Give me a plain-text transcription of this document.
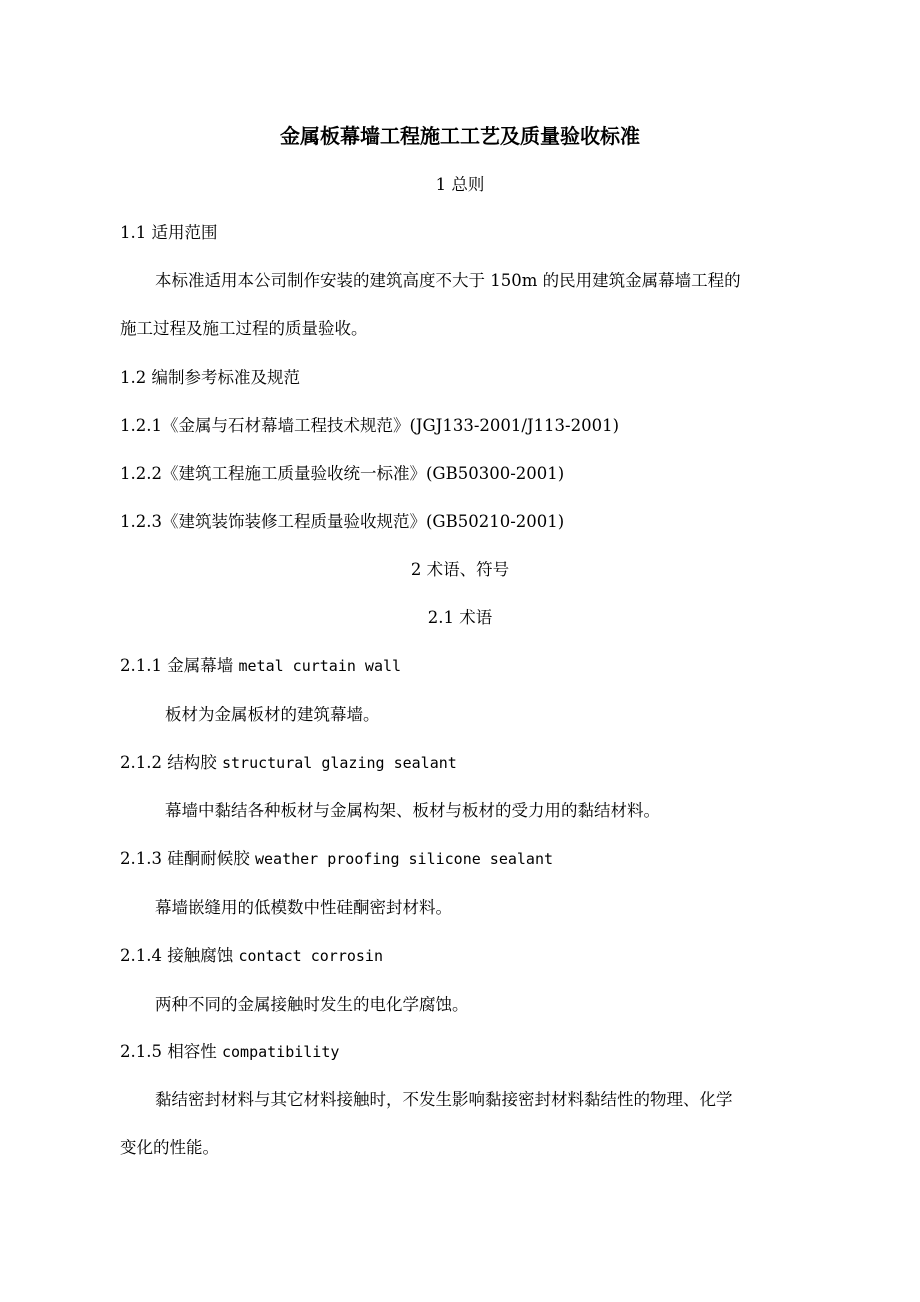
金属板幕墙工程施工工艺及质量验收标准
1 总则
1.1 适用范围
本标准适用本公司制作安装的建筑高度不大于 150m 的民用建筑金属幕墙工程的
施工过程及施工过程的质量验收。
1.2 编制参考标准及规范
1.2.1《金属与石材幕墙工程技术规范》(JGJ133-2001/J113-2001)
1.2.2《建筑工程施工质量验收统一标准》(GB50300-2001)
1.2.3《建筑装饰装修工程质量验收规范》(GB50210-2001)
2 术语、符号
2.1 术语
2.1.1 金属幕墙 metal curtain wall
板材为金属板材的建筑幕墙。
2.1.2 结构胶 structural glazing sealant
幕墙中黏结各种板材与金属构架、板材与板材的受力用的黏结材料。
2.1.3 硅酮耐候胶 weather proofing silicone sealant
幕墙嵌缝用的低模数中性硅酮密封材料。
2.1.4 接触腐蚀 contact corrosin
两种不同的金属接触时发生的电化学腐蚀。
2.1.5 相容性 compatibility
黏结密封材料与其它材料接触时，不发生影响黏接密封材料黏结性的物理、化学
变化的性能。
